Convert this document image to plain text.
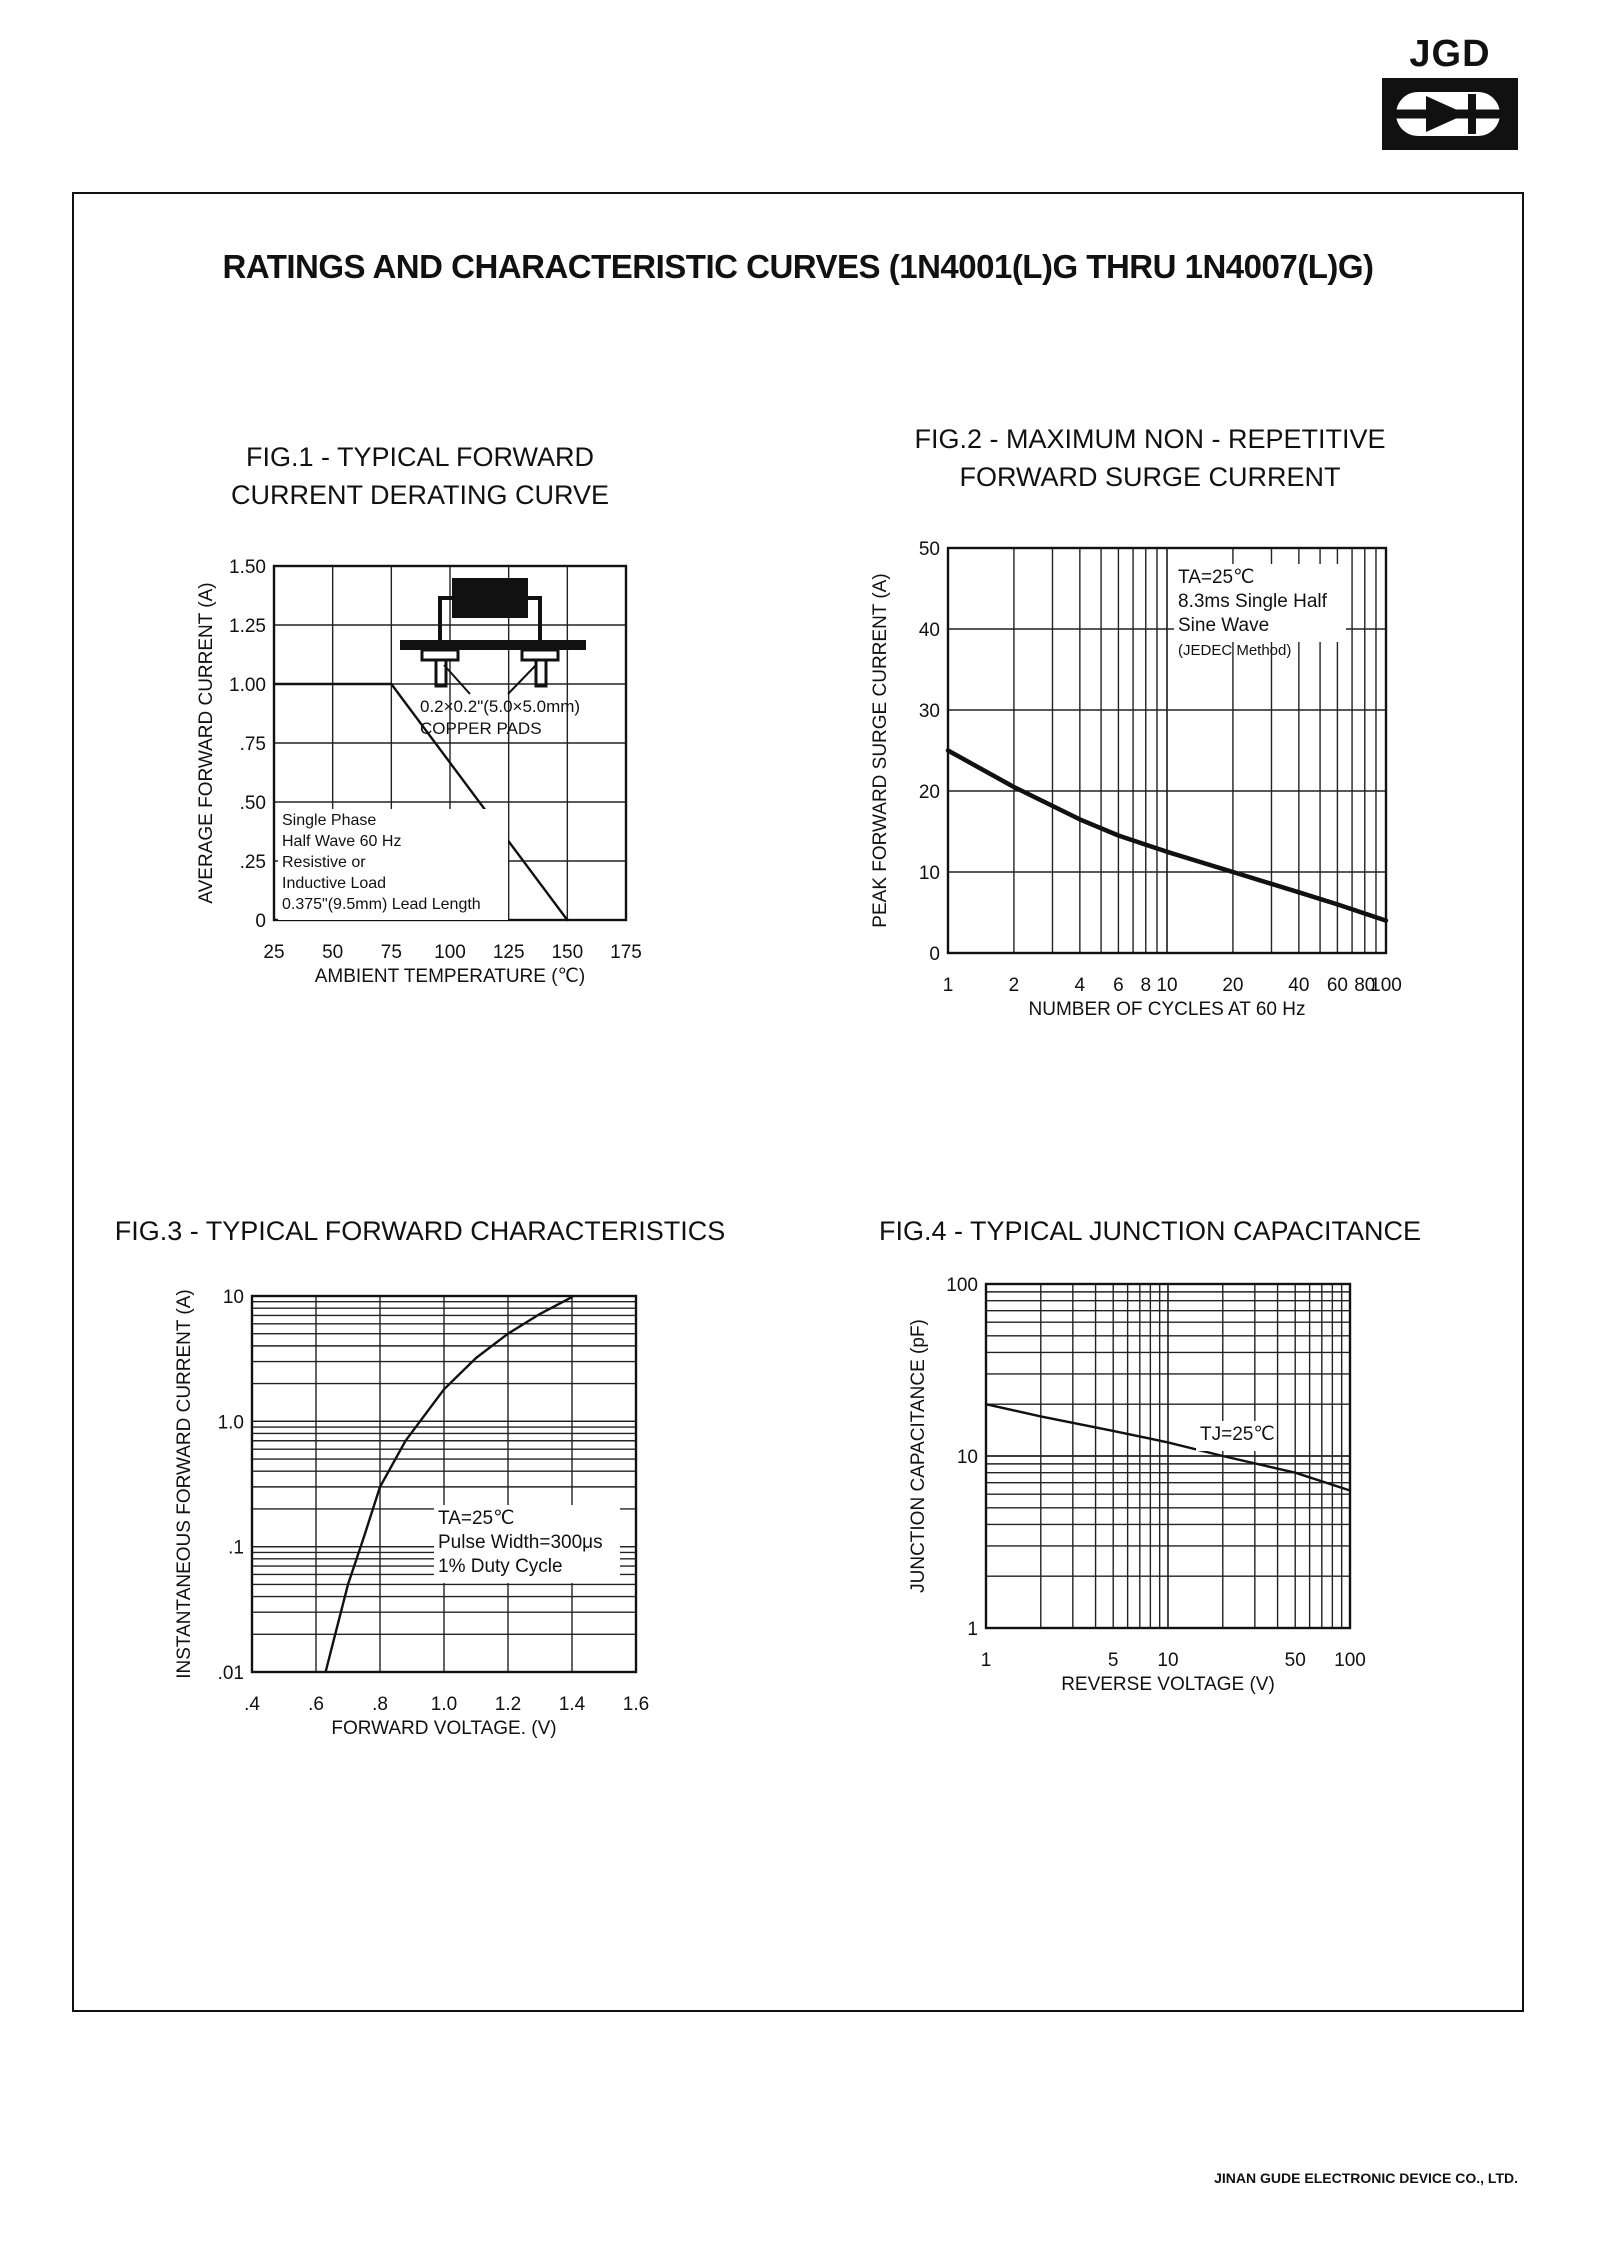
JGD
RATINGS AND CHARACTERISTIC CURVES (1N4001(L)G THRU 1N4007(L)G)
FIG.1 - TYPICAL FORWARD
CURRENT DERATING CURVE
FIG.2 - MAXIMUM NON - REPETITIVE
FORWARD SURGE CURRENT
FIG.3 - TYPICAL FORWARD CHARACTERISTICS	FIG.4 - TYPICAL JUNCTION CAPACITANCE
25 50 75 100 125 150 175
0
.25
.50
.75
1.00
1.25
1.50
AMBIENT TEMPERATURE (℃)
AVERAGE FORWARD CURRENT (A)	0.2×0.2"(5.0×5.0mm)
COPPER PADS
Single Phase
Half Wave 60 Hz
Resistive or
Inductive Load
0.375"(9.5mm) Lead Length
1	2	4 6 8 10 20 40 60 80
100
0
10
20
30
40
50
NUMBER OF CYCLES AT 60 Hz
PEAK FORWARD SURGE CURRENT (A)	TA=25℃
8.3ms Single Half
Sine Wave
(JEDEC Method)
.4	.6	.8 1.0 1.2 1.4 1.6
.01
.1
1.0
10
FORWARD VOLTAGE. (V)
INSTANTANEOUS FORWARD CURRENT (A)	TA=25℃
Pulse Width=300μs
1% Duty Cycle
1	5 10	50 100
1
10
100
REVERSE VOLTAGE (V)
JUNCTION CAPACITANCE (pF)	TJ=25℃
JINAN GUDE ELECTRONIC DEVICE CO., LTD.
